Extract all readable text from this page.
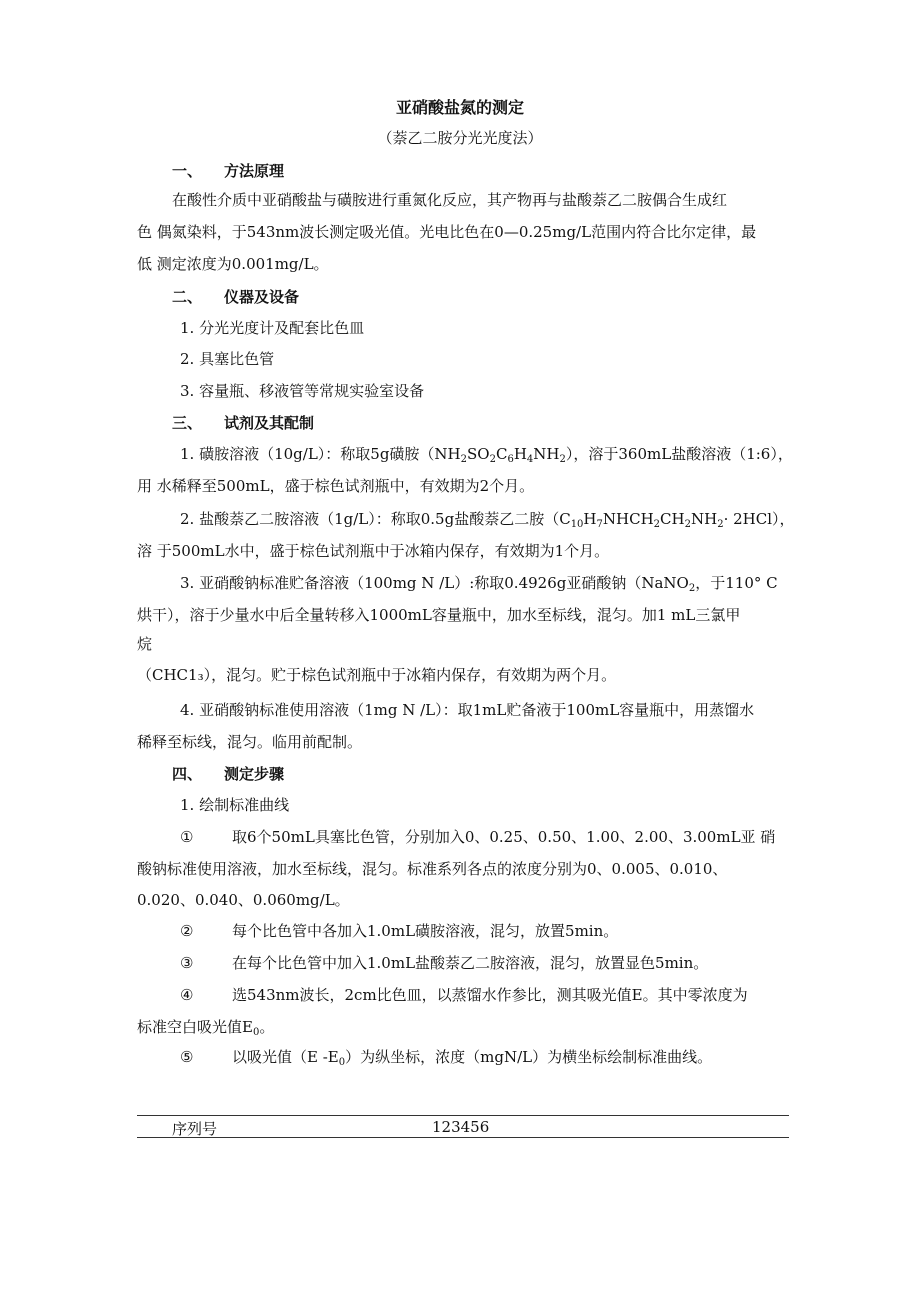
亚硝酸盐氮的测定
（萘乙二胺分光光度法）
一、 方法原理
在酸性介质中亚硝酸盐与磺胺进行重氮化反应，其产物再与盐酸萘乙二胺偶合生成红
色 偶氮染料，于543nm波长测定吸光值。光电比色在0—0.25mg/L范围内符合比尔定律，最
低 测定浓度为0.001mg/L。
二、 仪器及设备
1. 分光光度计及配套比色皿
2. 具塞比色管
3. 容量瓶、移液管等常规实验室设备
三、 试剂及其配制
1. 磺胺溶液（10g/L）：称取5g磺胺$(NH_2SO_2C_6H_4NH_2)$，溶于360mL盐酸溶液（1:6），
用 水稀释至500mL，盛于棕色试剂瓶中，有效期为2个月。
2. 盐酸萘乙二胺溶液（1g/L）：称取0.5g盐酸萘乙二胺$(C_{10}H_7NHCH_2CH_2NH_2\cdot 2HCl)$，
溶 于500mL水中，盛于棕色试剂瓶中于冰箱内保存，有效期为1个月。
3. 亚硝酸钠标准贮备溶液（100mg N /L）:称取0.4926g亚硝酸钠（NaNO$_2$，于110° C
烘干），溶于少量水中后全量转移入1000mL容量瓶中，加水至标线，混匀。加1 mL三氯甲
烷
（CHC1₃），混匀。贮于棕色试剂瓶中于冰箱内保存，有效期为两个月。
4. 亚硝酸钠标准使用溶液（1mg N /L）：取1mL贮备液于100mL容量瓶中，用蒸馏水
稀释至标线，混匀。临用前配制。
四、 测定步骤
1. 绘制标准曲线
①	取6个50mL具塞比色管，分别加入0、0.25、0.50、1.00、2.00、3.00mL亚 硝
酸钠标准使用溶液，加水至标线，混匀。标准系列各点的浓度分别为0、0.005、0.010、
0.020、0.040、0.060mg/L。
②	每个比色管中各加入1.0mL磺胺溶液，混匀，放置5min。
③	在每个比色管中加入1.0mL盐酸萘乙二胺溶液，混匀，放置显色5min。
④	选543nm波长，2cm比色皿，以蒸馏水作参比，测其吸光值E。其中零浓度为
标准空白吸光值$E_0$。
⑤	以吸光值（E $-E_0$）为纵坐标，浓度（mgN/L）为横坐标绘制标准曲线。
序列号	123456
